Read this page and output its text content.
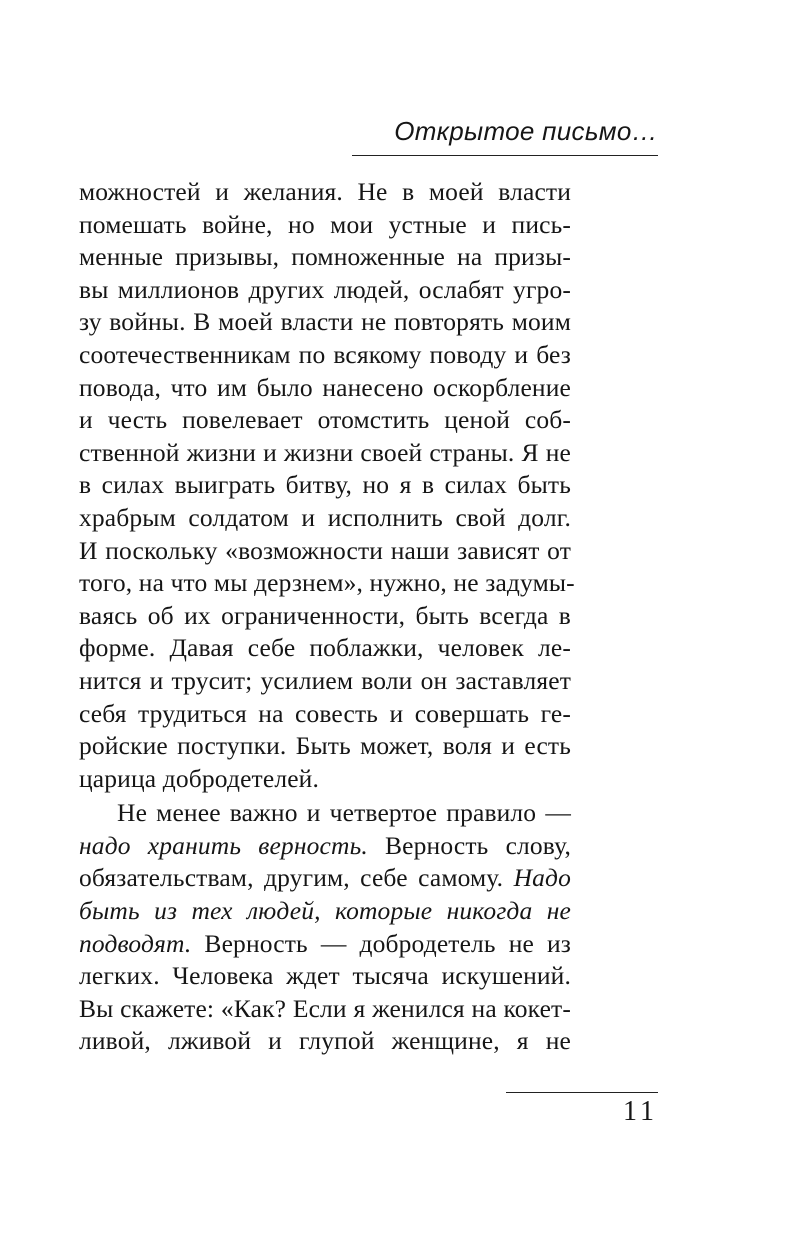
Открытое письмо…
можностей и желания. Не в моей власти
помешать войне, но мои устные и пись-
менные призывы, помноженные на призы-
вы миллионов других людей, ослабят угро-
зу войны. В моей власти не повторять моим
соотечественникам по всякому поводу и без
повода, что им было нанесено оскорбление
и честь повелевает отомстить ценой соб-
ственной жизни и жизни своей страны. Я не
в силах выиграть битву, но я в силах быть
храбрым солдатом и исполнить свой долг.
И поскольку «возможности наши зависят от
того, на что мы дерзнем», нужно, не задумы-
ваясь об их ограниченности, быть всегда в
форме. Давая себе поблажки, человек ле-
нится и трусит; усилием воли он заставляет
себя трудиться на совесть и совершать ге-
ройские поступки. Быть может, воля и есть
царица добродетелей.
Не менее важно и четвертое правило —
надо хранить верность. Верность слову,
обязательствам, другим, себе самому. Надо
быть из тех людей, которые никогда не
подводят. Верность — добродетель не из
легких. Человека ждет тысяча искушений.
Вы скажете: «Как? Если я женился на кокет-
ливой, лживой и глупой женщине, я не
11
